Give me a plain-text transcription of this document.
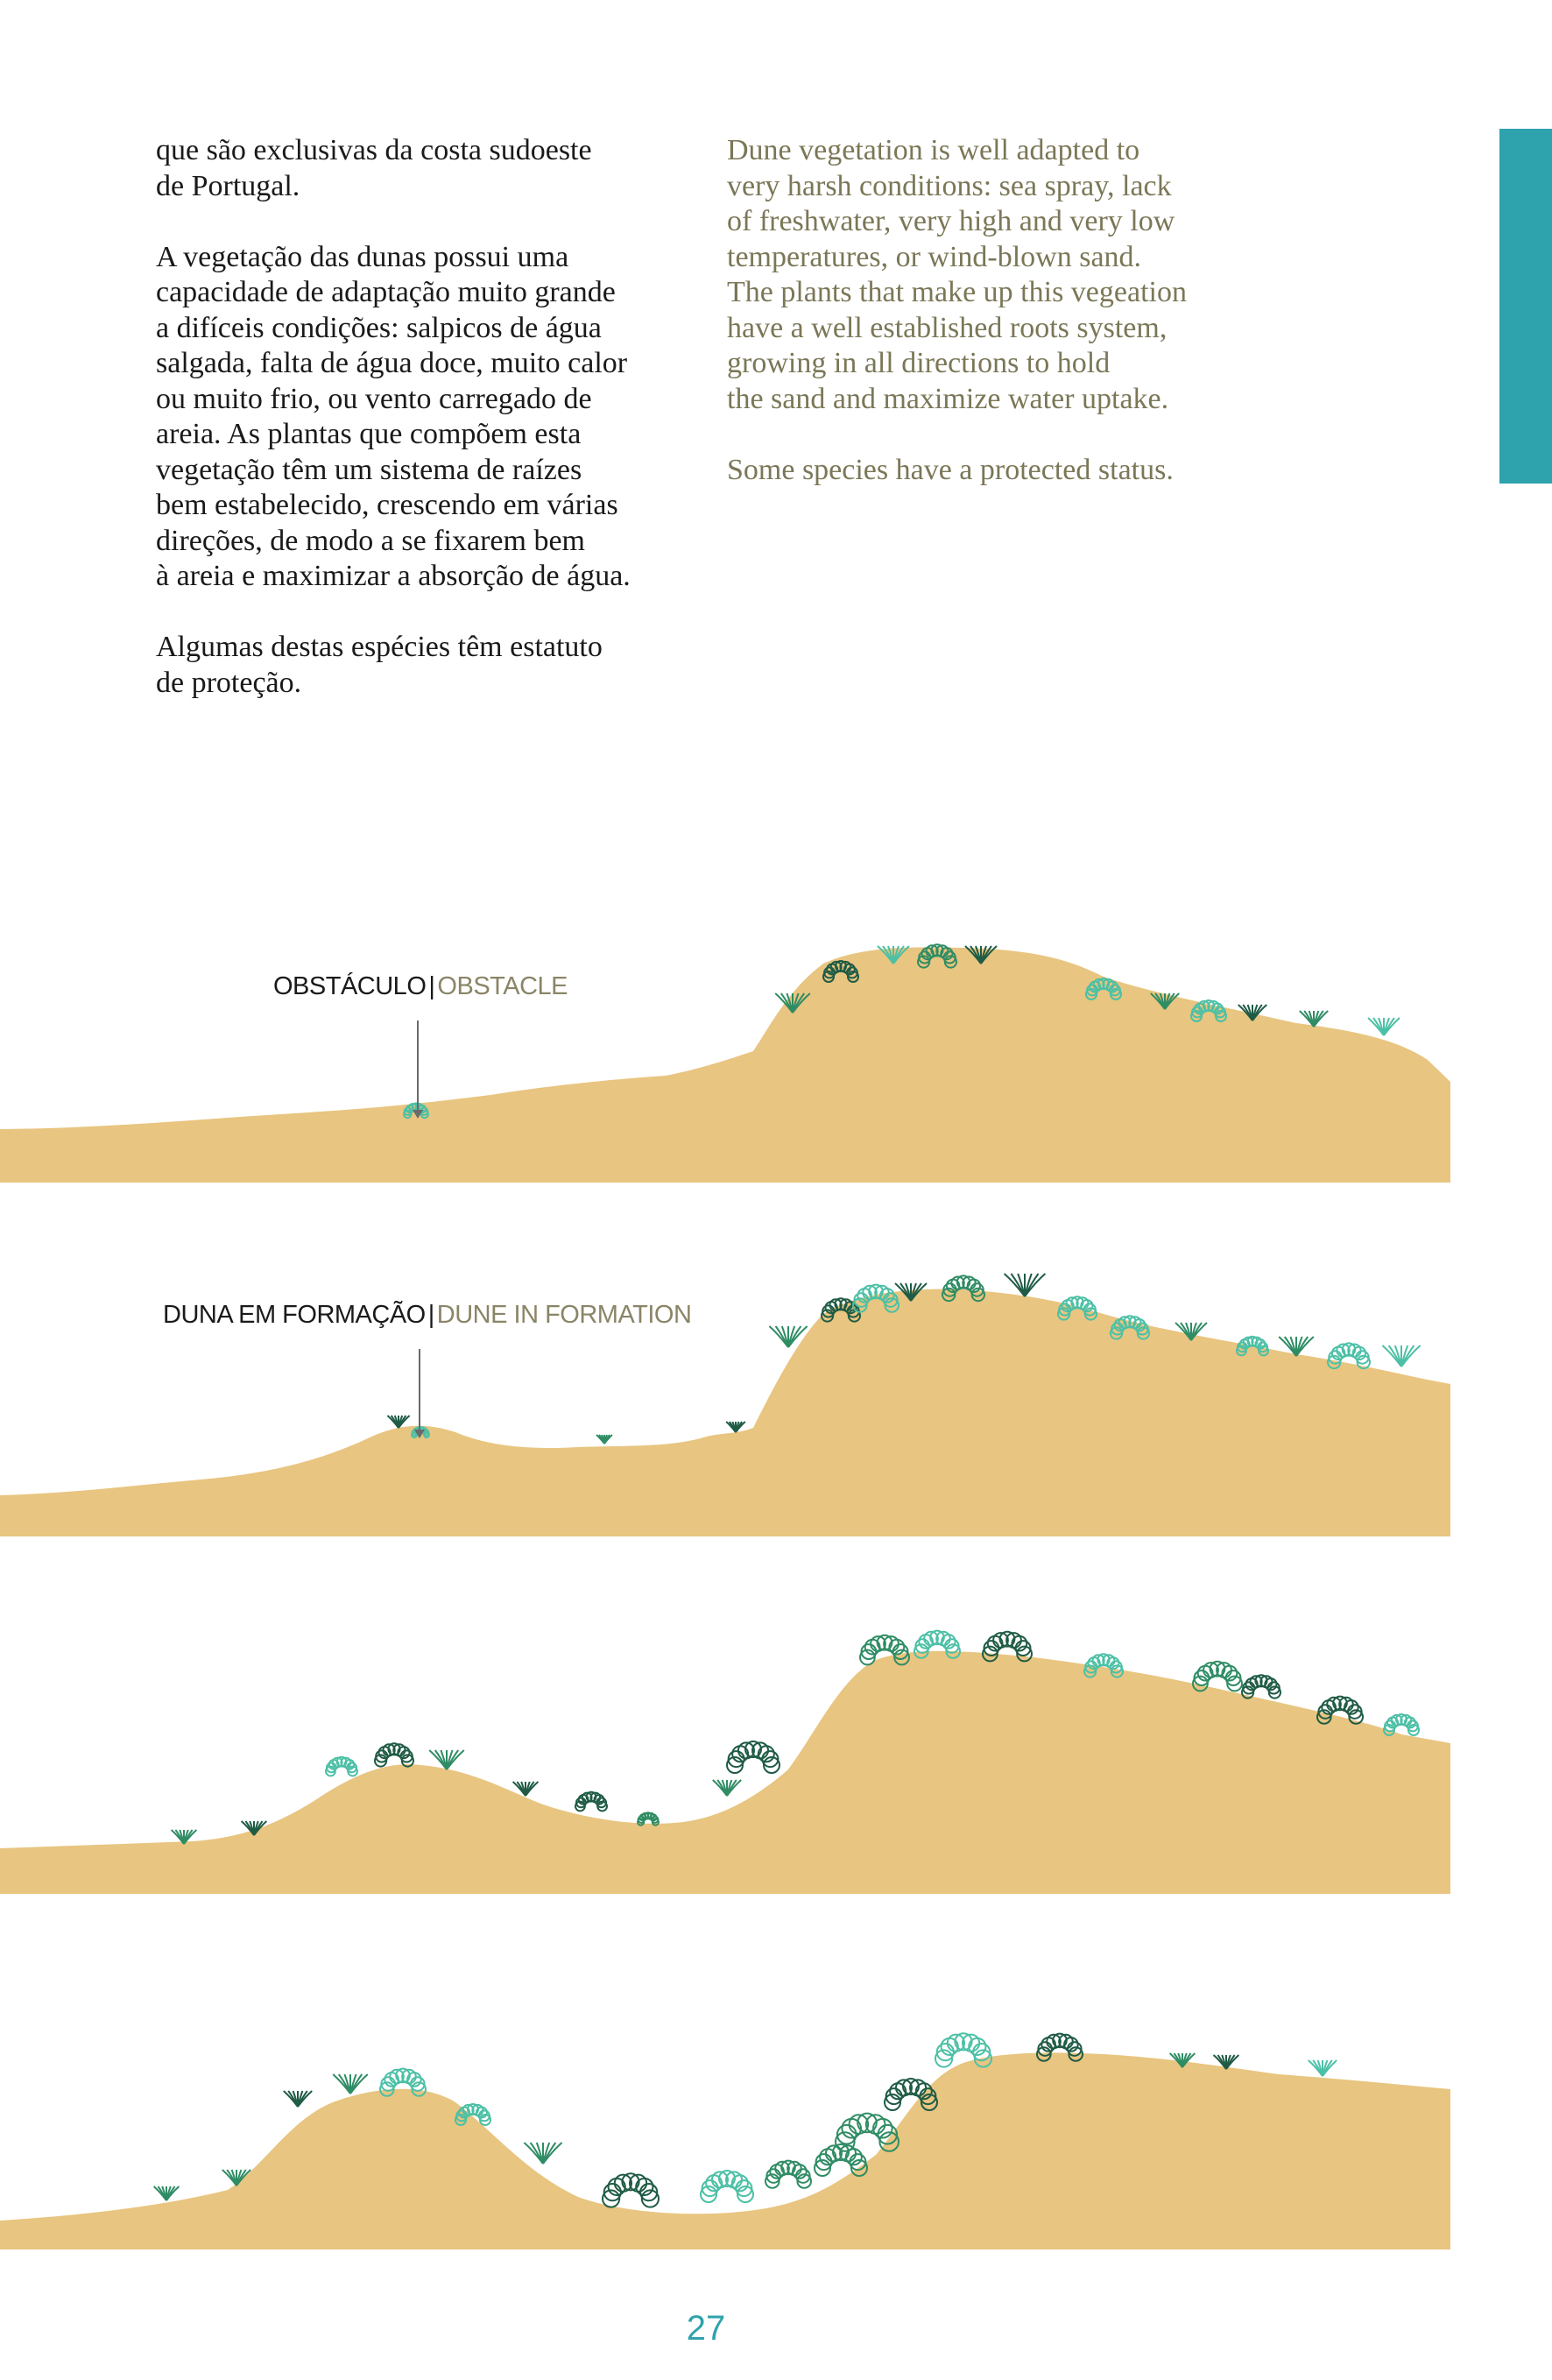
que são exclusivas da costa sudoeste
de Portugal.

A vegetação das dunas possui uma
capacidade de adaptação muito grande
a difíceis condições: salpicos de água
salgada, falta de água doce, muito calor
ou muito frio, ou vento carregado de
areia. As plantas que compõem esta
vegetação têm um sistema de raízes
bem estabelecido, crescendo em várias
direções, de modo a se fixarem bem
à areia e maximizar a absorção de água.

Algumas destas espécies têm estatuto
de proteção.

Dune vegetation is well adapted to
very harsh conditions: sea spray, lack
of freshwater, very high and very low
temperatures, or wind-blown sand.
The plants that make up this vegeation
have a well established roots system,
growing in all directions to hold
the sand and maximize water uptake.

Some species have a protected status.

OBSTÁCULO | OBSTACLE
DUNA EM FORMAÇÃO | DUNE IN FORMATION
27
